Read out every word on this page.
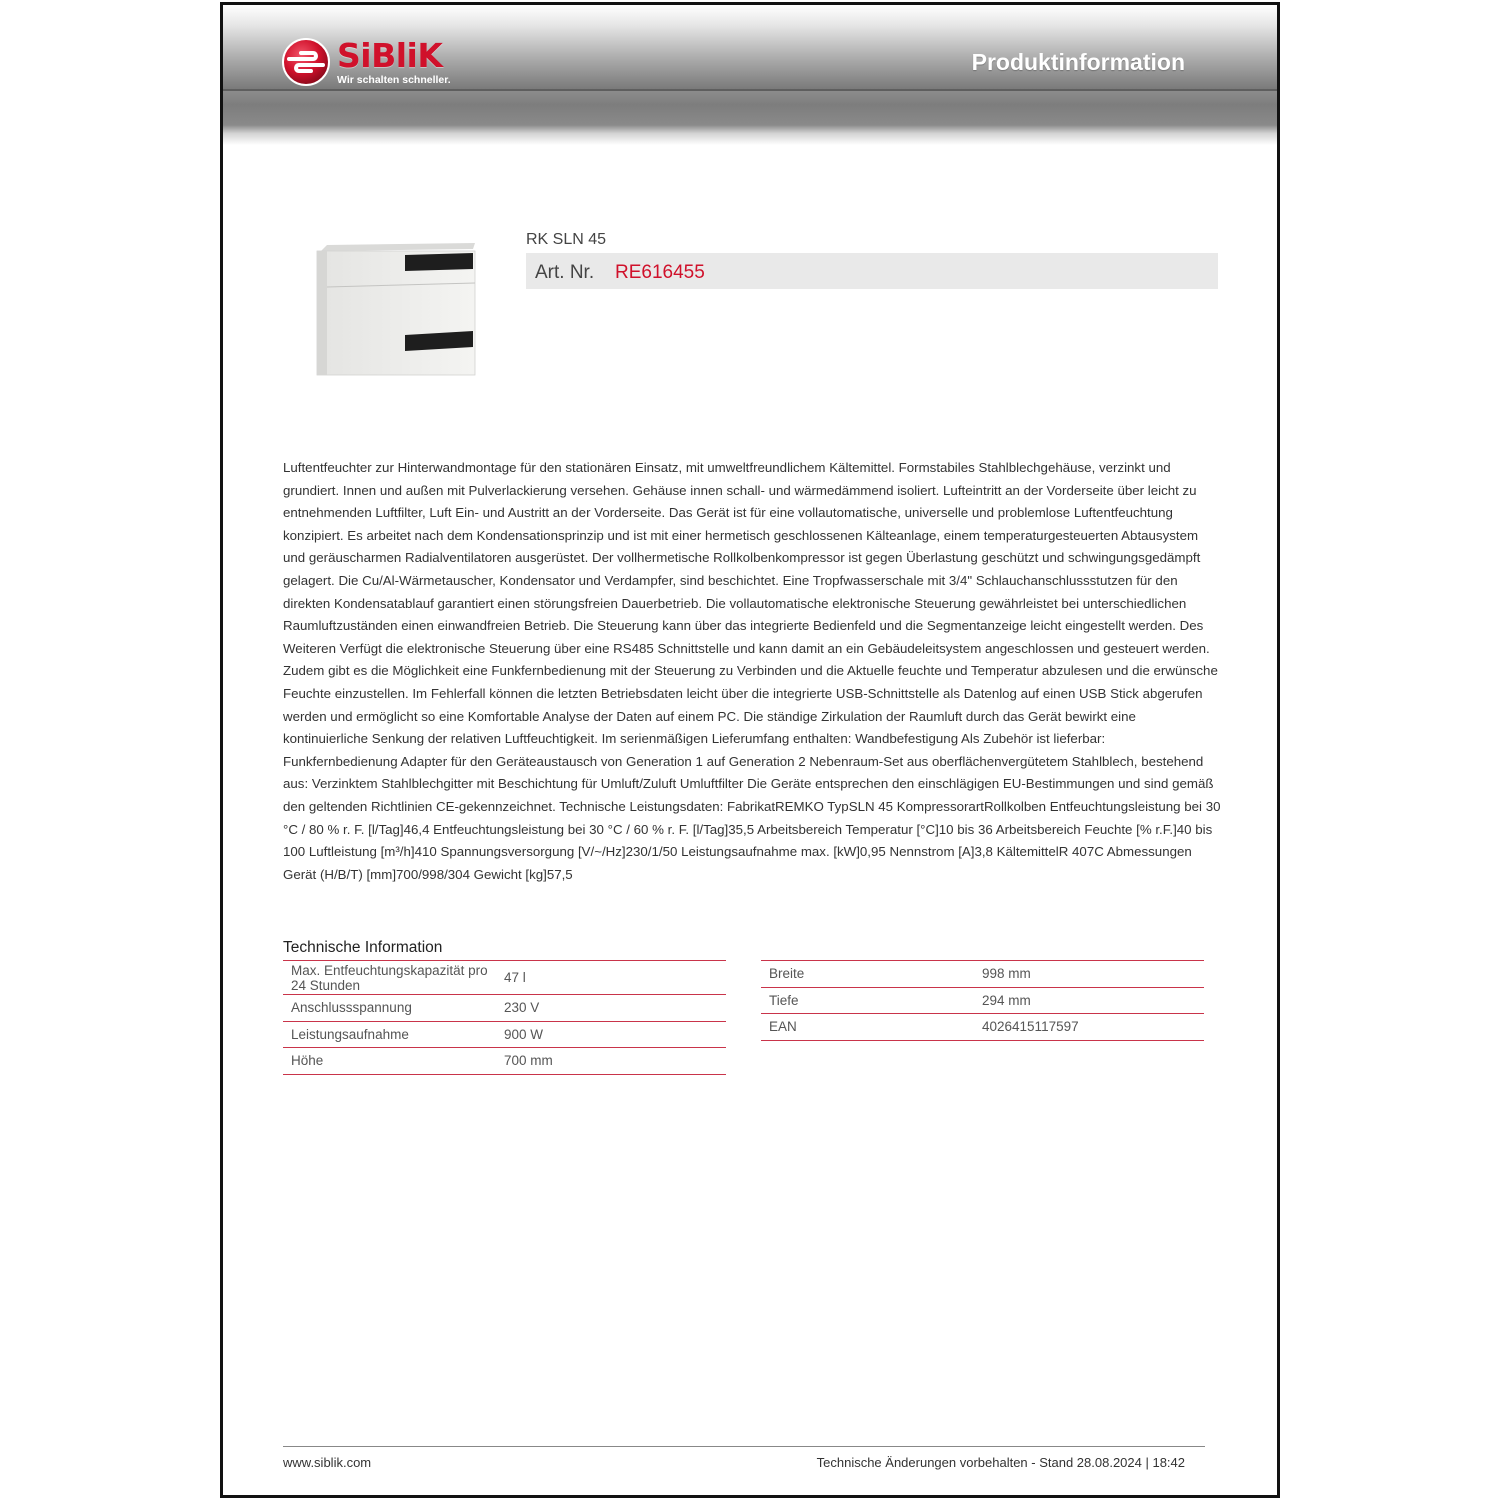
SiBliK
Wir schalten schneller.
Produktinformation
RK SLN 45
Art. Nr. RE616455
Luftentfeuchter zur Hinterwandmontage für den stationären Einsatz, mit umweltfreundlichem Kältemittel. Formstabiles Stahlblechgehäuse, verzinkt und grundiert. Innen und außen mit Pulverlackierung versehen. Gehäuse innen schall- und wärmedämmend isoliert. Lufteintritt an der Vorderseite über leicht zu entnehmenden Luftfilter, Luft Ein- und Austritt an der Vorderseite. Das Gerät ist für eine vollautomatische, universelle und problemlose Luftentfeuchtung konzipiert. Es arbeitet nach dem Kondensationsprinzip und ist mit einer hermetisch geschlossenen Kälteanlage, einem temperaturgesteuerten Abtausystem und geräuscharmen Radialventilatoren ausgerüstet. Der vollhermetische Rollkolbenkompressor ist gegen Überlastung geschützt und schwingungsgedämpft gelagert. Die Cu/Al-Wärmetauscher, Kondensator und Verdampfer, sind beschichtet. Eine Tropfwasserschale mit 3/4" Schlauchanschlussstutzen für den direkten Kondensatablauf garantiert einen störungsfreien Dauerbetrieb. Die vollautomatische elektronische Steuerung gewährleistet bei unterschiedlichen Raumluftzuständen einen einwandfreien Betrieb. Die Steuerung kann über das integrierte Bedienfeld und die Segmentanzeige leicht eingestellt werden. Des Weiteren Verfügt die elektronische Steuerung über eine RS485 Schnittstelle und kann damit an ein Gebäudeleitsystem angeschlossen und gesteuert werden. Zudem gibt es die Möglichkeit eine Funkfernbedienung mit der Steuerung zu Verbinden und die Aktuelle feuchte und Temperatur abzulesen und die erwünsche Feuchte einzustellen. Im Fehlerfall können die letzten Betriebsdaten leicht über die integrierte USB-Schnittstelle als Datenlog auf einen USB Stick abgerufen werden und ermöglicht so eine Komfortable Analyse der Daten auf einem PC. Die ständige Zirkulation der Raumluft durch das Gerät bewirkt eine kontinuierliche Senkung der relativen Luftfeuchtigkeit. Im serienmäßigen Lieferumfang enthalten: Wandbefestigung Als Zubehör ist lieferbar: Funkfernbedienung Adapter für den Geräteaustausch von Generation 1 auf Generation 2 Nebenraum-Set aus oberflächenvergütetem Stahlblech, bestehend aus: Verzinktem Stahlblechgitter mit Beschichtung für Umluft/Zuluft Umluftfilter Die Geräte entsprechen den einschlägigen EU-Bestimmungen und sind gemäß den geltenden Richtlinien CE-gekennzeichnet. Technische Leistungsdaten: FabrikatREMKO TypSLN 45 KompressorartRollkolben Entfeuchtungsleistung bei 30 °C / 80 % r. F. [l/Tag]46,4 Entfeuchtungsleistung bei 30 °C / 60 % r. F. [l/Tag]35,5 Arbeitsbereich Temperatur [°C]10 bis 36 Arbeitsbereich Feuchte [% r.F.]40 bis 100 Luftleistung [m³/h]410 Spannungsversorgung [V/~/Hz]230/1/50 Leistungsaufnahme max. [kW]0,95 Nennstrom [A]3,8 KältemittelR 407C Abmessungen Gerät (H/B/T) [mm]700/998/304 Gewicht [kg]57,5
Technische Information
Max. Entfeuchtungskapazität pro 24 Stunden	47 l
Anschlussspannung	230 V
Leistungsaufnahme	900 W
Höhe	700 mm
Breite	998 mm
Tiefe	294 mm
EAN	4026415117597
www.siblik.com	Technische Änderungen vorbehalten - Stand 28.08.2024 | 18:42
